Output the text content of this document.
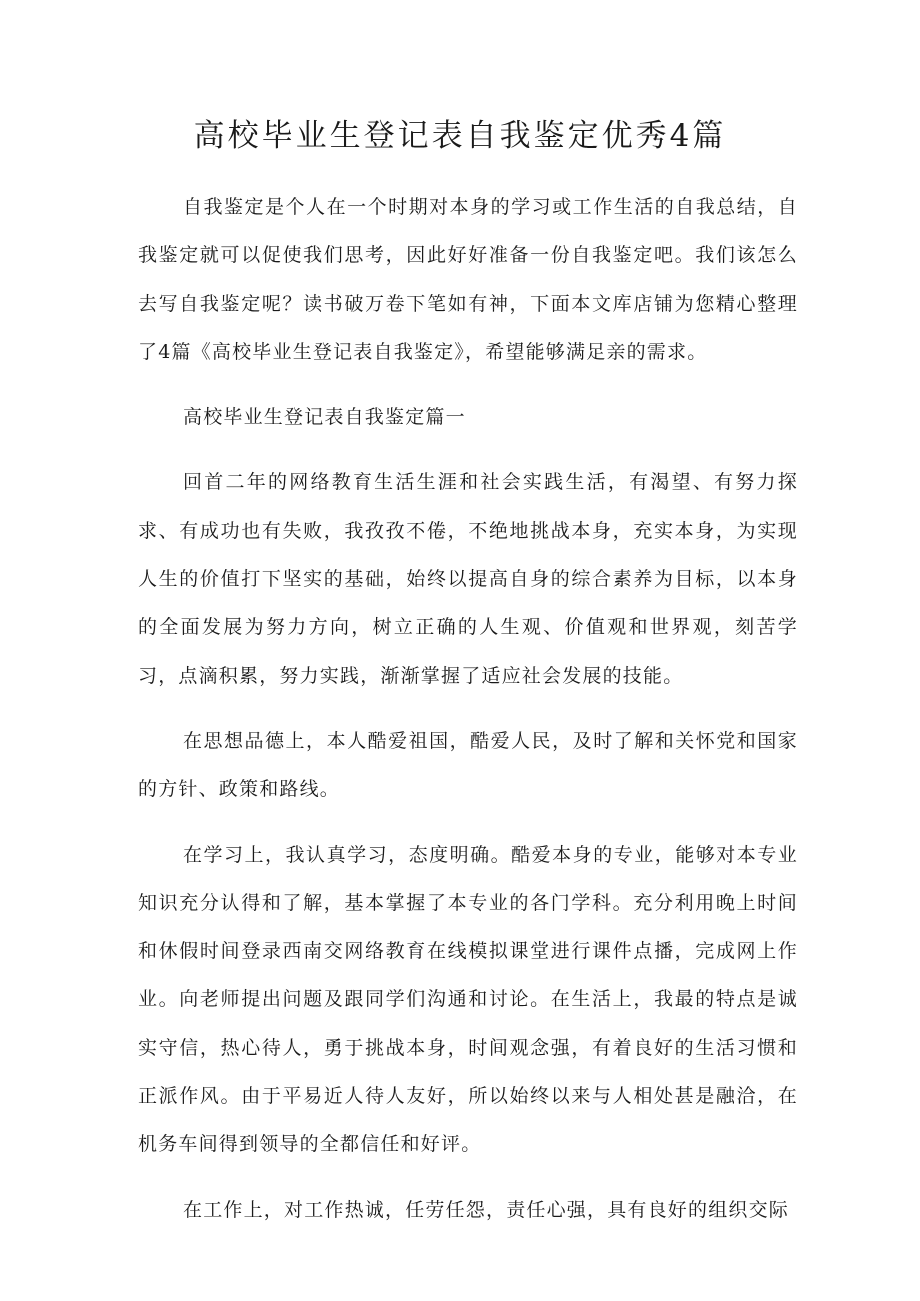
高校毕业生登记表自我鉴定优秀4篇

自我鉴定是个人在一个时期对本身的学习或工作生活的自我总结，自我鉴定就可以促使我们思考，因此好好准备一份自我鉴定吧。我们该怎么去写自我鉴定呢？读书破万卷下笔如有神，下面本文库店铺为您精心整理了4篇《高校毕业生登记表自我鉴定》，希望能够满足亲的需求。

高校毕业生登记表自我鉴定篇一

回首二年的网络教育生活生涯和社会实践生活，有渴望、有努力探求、有成功也有失败，我孜孜不倦，不绝地挑战本身，充实本身，为实现人生的价值打下坚实的基础，始终以提高自身的综合素养为目标，以本身的全面发展为努力方向，树立正确的人生观、价值观和世界观，刻苦学习，点滴积累，努力实践，渐渐掌握了适应社会发展的技能。

在思想品德上，本人酷爱祖国，酷爱人民，及时了解和关怀党和国家的方针、政策和路线。

在学习上，我认真学习，态度明确。酷爱本身的专业，能够对本专业知识充分认得和了解，基本掌握了本专业的各门学科。充分利用晚上时间和休假时间登录西南交网络教育在线模拟课堂进行课件点播，完成网上作业。向老师提出问题及跟同学们沟通和讨论。在生活上，我最的特点是诚实守信，热心待人，勇于挑战本身，时间观念强，有着良好的生活习惯和正派作风。由于平易近人待人友好，所以始终以来与人相处甚是融洽，在机务车间得到领导的全都信任和好评。

在工作上，对工作热诚，任劳任怨，责任心强，具有良好的组织交际
